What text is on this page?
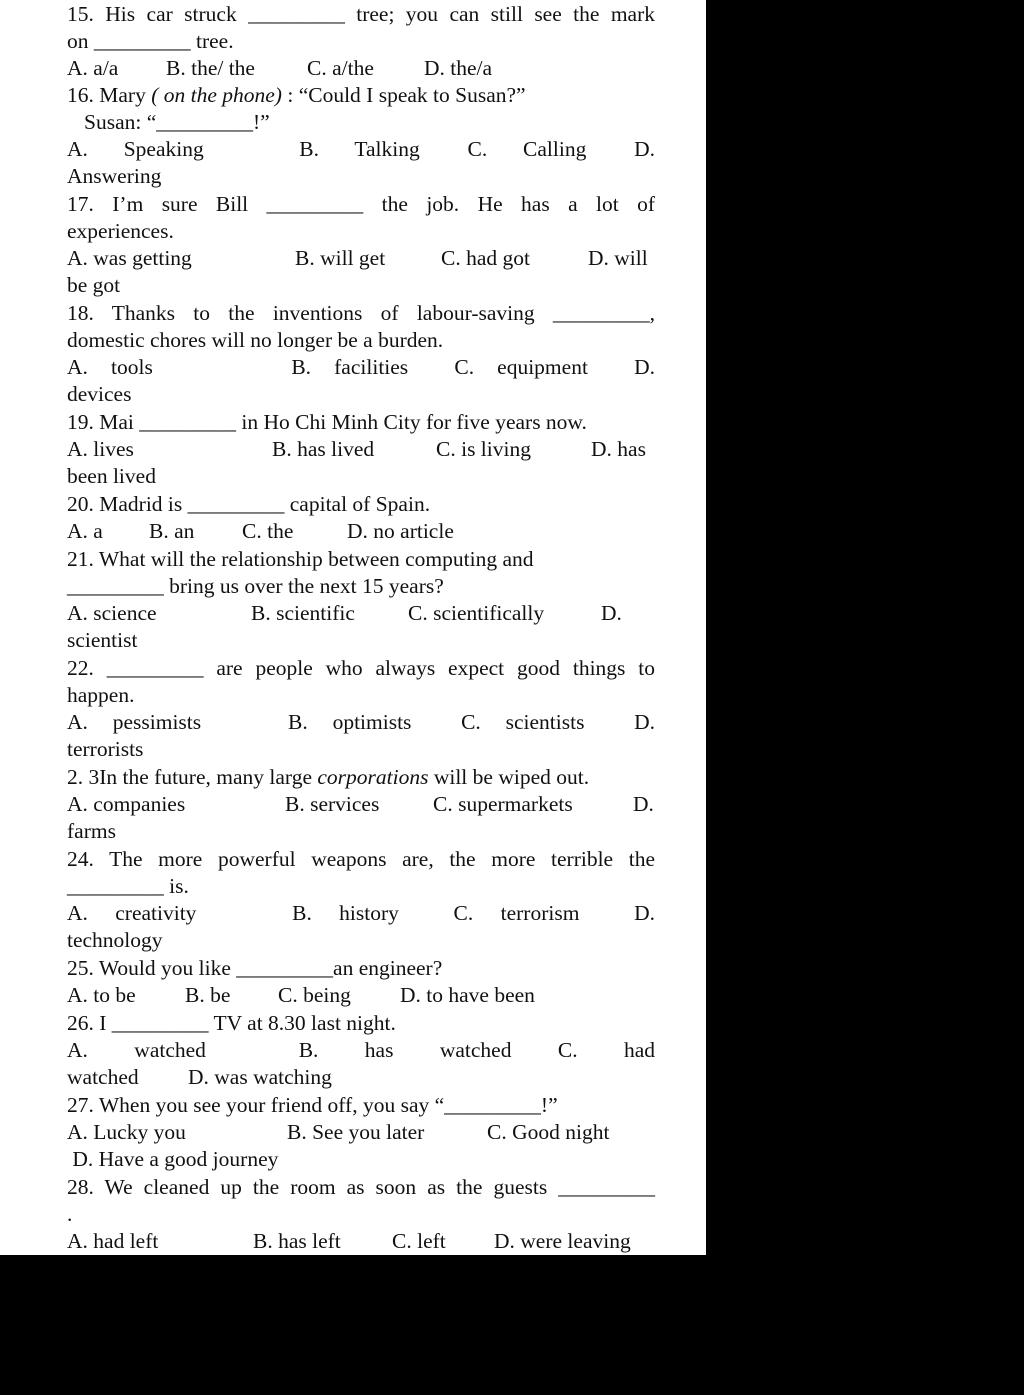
15. His car struck _________ tree; you can still see the mark
on _________ tree.

A. a/a

B. the/ the

C. a/the

D. the/a

16. Mary ( on the phone) : “Could I speak to Susan?”
Susan: “_________!”
A.   Speaking        B.   Talking    C.   Calling    D.
Answering
17. I’m sure Bill _________ the job. He has a lot of
experiences.

A. was getting

	B. will get

	C. had got

	D. will

be got
18. Thanks to the inventions of labour-saving _________,
domestic chores will no longer be a burden.
A.  tools            B.  facilities    C.  equipment    D.
devices
19. Mai _________ in Ho Chi Minh City for five years now.

A. lives

	B. has lived

	C. is living

	D. has

been lived
20. Madrid is _________ capital of Spain.

A. a

B. an

C. the

D. no article

21. What will the relationship between computing and
_________ bring us over the next 15 years?

A. science

	B. scientific

C. scientifically

	D.

scientist
22. _________ are people who always expect good things to
happen.
A.  pessimists       B.  optimists    C.  scientists    D.
terrorists
2. 3In the future, many large corporations will be wiped out.

A. companies

	B. services

C. supermarkets

	D.

farms
24. The more powerful weapons are, the more terrible the
_________ is.
A.  creativity       B.  history    C.  terrorism    D.
technology
25. Would you like _________an engineer?

A. to be

B. be

C. being

D. to have been

26. I _________ TV at 8.30 last night.
A.  watched    B.  has  watched  C.  had

watched

D. was watching

27. When you see your friend off, you say “_________!”

A. Lucky you

	B. See you later

	C. Good night

D. Have a good journey
28. We cleaned up the room as soon as the guests _________
.

A. had left

	B. has left

C. left

D. were leaving
